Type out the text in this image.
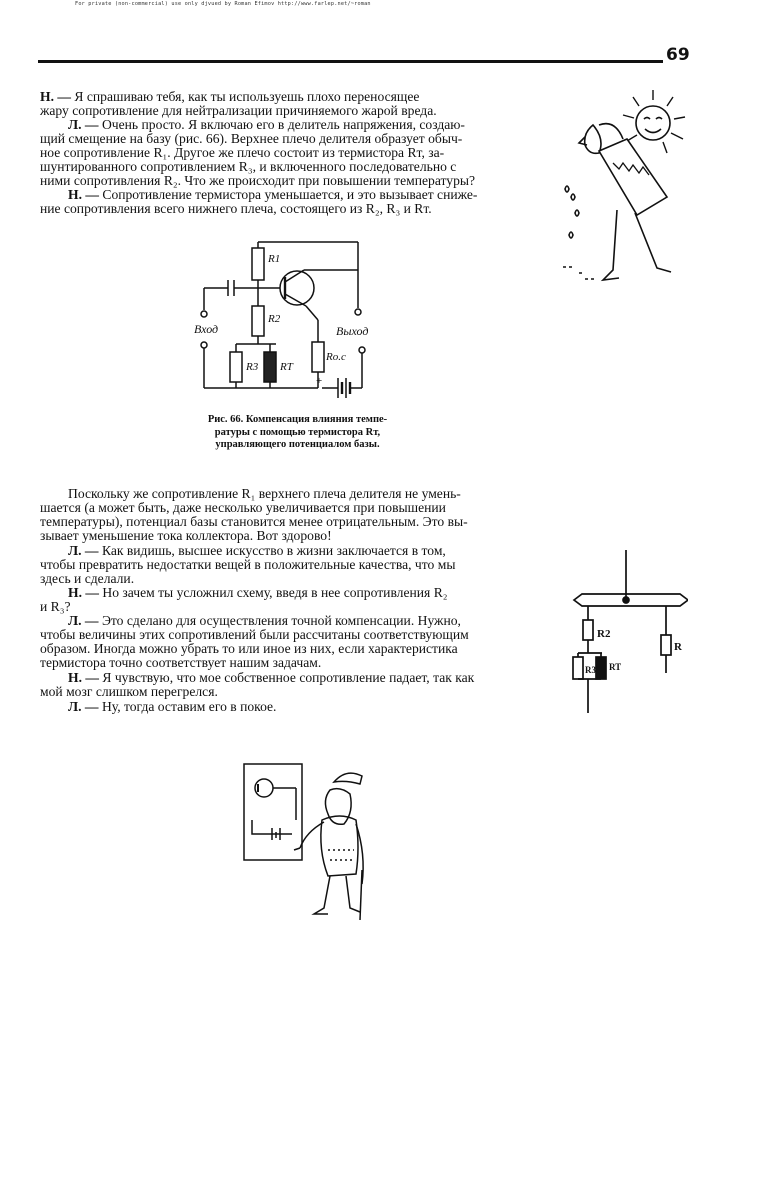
For private (non-commercial) use only djvued by Roman Efimov http://www.farlep.net/~roman
69
Н. — Я спрашиваю тебя, как ты используешь плохо переносящее
жару сопротивление для нейтрализации причиняемого жарой вреда.
Л. — Очень просто. Я включаю его в делитель напряжения, создаю-
щий смещение на базу (рис. 66). Верхнее плечо делителя образует обыч-
ное сопротивление R₁. Другое же плечо состоит из термистора Rт, за-
шунтированного сопротивлением R₃, и включенного последовательно с
ними сопротивления R₂. Что же происходит при повышении температуры?
Н. — Сопротивление термистора уменьшается, и это вызывает сниже-
ние сопротивления всего нижнего плеча, состоящего из R₂, R₃ и Rт.
R1
R2
R3 RT
Ro.c
Вход	Выход
+
Рис. 66. Компенсация влияния темпе-
ратуры с помощью термистора Rт,
управляющего потенциалом базы.
Поскольку же сопротивление R₁ верхнего плеча делителя не умень-
шается (а может быть, даже несколько увеличивается при повышении
температуры), потенциал базы становится менее отрицательным. Это вы-
зывает уменьшение тока коллектора. Вот здорово!
Л. — Как видишь, высшее искусство в жизни заключается в том,
чтобы превратить недостатки вещей в положительные качества, что мы
здесь и сделали.
Н. — Но зачем ты усложнил схему, введя в нее сопротивления R₂
и R₃?
Л. — Это сделано для осуществления точной компенсации. Нужно,
чтобы величины этих сопротивлений были рассчитаны соответствующим
образом. Иногда можно убрать то или иное из них, если характеристика
термистора точно соответствует нашим задачам.
Н. — Я чувствую, что мое собственное сопротивление падает, так как
мой мозг слишком перегрелся.
Л. — Ну, тогда оставим его в покое.
R2
R3 RT
R
